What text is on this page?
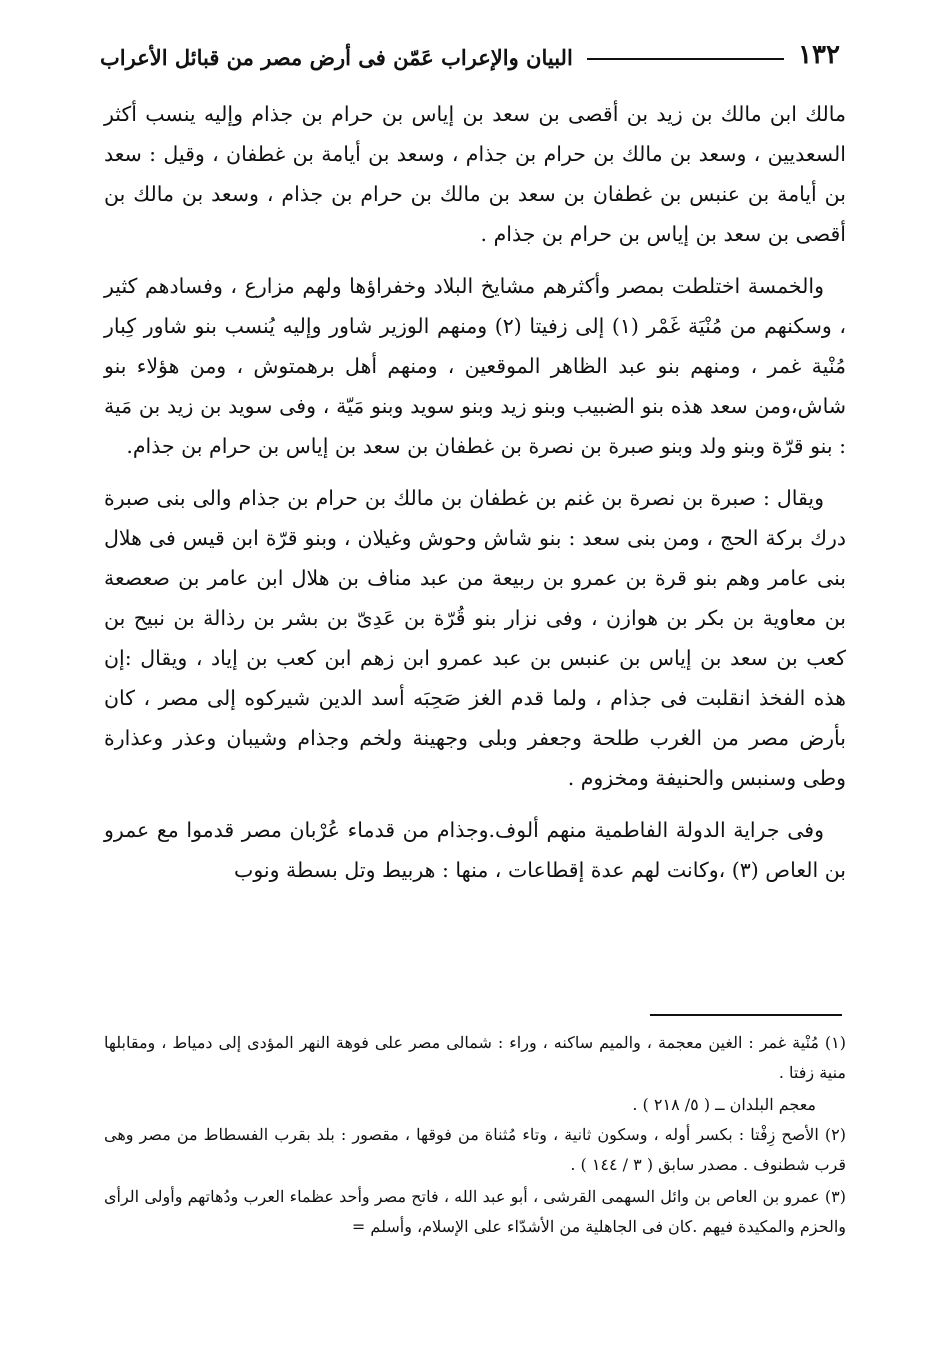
١٣٢
البيان والإعراب عَمّن فى أرض مصر من قبائل الأعراب

مالك ابن مالك بن زيد بن أقصى بن سعد بن إياس بن حرام بن جذام وإليه ينسب أكثر السعديين ، وسعد بن مالك بن حرام بن جذام ، وسعد بن أيامة بن غطفان ، وقيل : سعد بن أيامة بن عنبس بن غطفان بن سعد بن مالك بن حرام بن جذام ، وسعد بن مالك بن أقصى بن سعد بن إياس بن حرام بن جذام .

والخمسة اختلطت بمصر وأكثرهم مشايخ البلاد وخفراؤها ولهم مزارع ، وفسادهم كثير ، وسكنهم من مُنْيَة غَمْر (١) إلى زفيتا (٢) ومنهم الوزير شاور وإليه يُنسب بنو شاور كِبار مُنْية غمر ، ومنهم بنو عبد الظاهر الموقعين ، ومنهم أهل برهمتوش ، ومن هؤلاء بنو شاش،ومن سعد هذه بنو الضبيب وبنو زيد وبنو سويد وبنو مَيّة ، وفى سويد بن زيد بن مَية : بنو قرّة وبنو ولد وبنو صبرة بن نصرة بن غطفان بن سعد بن إياس بن حرام بن جذام.

ويقال : صبرة بن نصرة بن غنم بن غطفان بن مالك بن حرام بن جذام والى بنى صبرة درك بركة الحج ، ومن بنى سعد : بنو شاش وحوش وغيلان ، وبنو قرّة ابن قيس فى هلال بنى عامر وهم بنو قرة بن عمرو بن ربيعة من عبد مناف بن هلال ابن عامر بن صعصعة بن معاوية بن بكر بن هوازن ، وفى نزار بنو قُرّة بن عَدِىّ بن بشر بن رذالة بن نبيح بن كعب بن سعد بن إياس بن عنبس بن عبد عمرو ابن زهم ابن كعب بن إياد ، ويقال :إن هذه الفخذ انقلبت فى جذام ، ولما قدم الغز صَحِبَه أسد الدين شيركوه إلى مصر ، كان بأرض مصر من الغرب طلحة وجعفر وبلى وجهينة ولخم وجذام وشيبان وعذر وعذارة وطى وسنبس والحنيفة ومخزوم .

وفى جراية الدولة الفاطمية منهم ألوف.وجذام من قدماء عُرْبان مصر قدموا مع عمرو بن العاص (٣) ،وكانت لهم عدة إقطاعات ، منها : هربيط وتل بسطة ونوب

(١) مُنْية غمر : الغين معجمة ، والميم ساكنه ، وراء : شمالى مصر على فوهة النهر المؤدى إلى دمياط ، ومقابلها منية زفتا .
معجم البلدان ــ ( ٥/ ٢١٨ ) .
(٢) الأصح زِفْتا : بكسر أوله ، وسكون ثانية ، وتاء مُثناة من فوقها ، مقصور : بلد بقرب الفسطاط من مصر وهى قرب شطنوف . مصدر سابق ( ٣ / ١٤٤ ) .
(٣) عمرو بن العاص بن وائل السهمى القرشى ، أبو عبد الله ، فاتح مصر وأحد عظماء العرب ودُهاتهم وأولى الرأى والحزم والمكيدة فيهم .كان فى الجاهلية من الأشدّاء على الإسلام، وأسلم =
